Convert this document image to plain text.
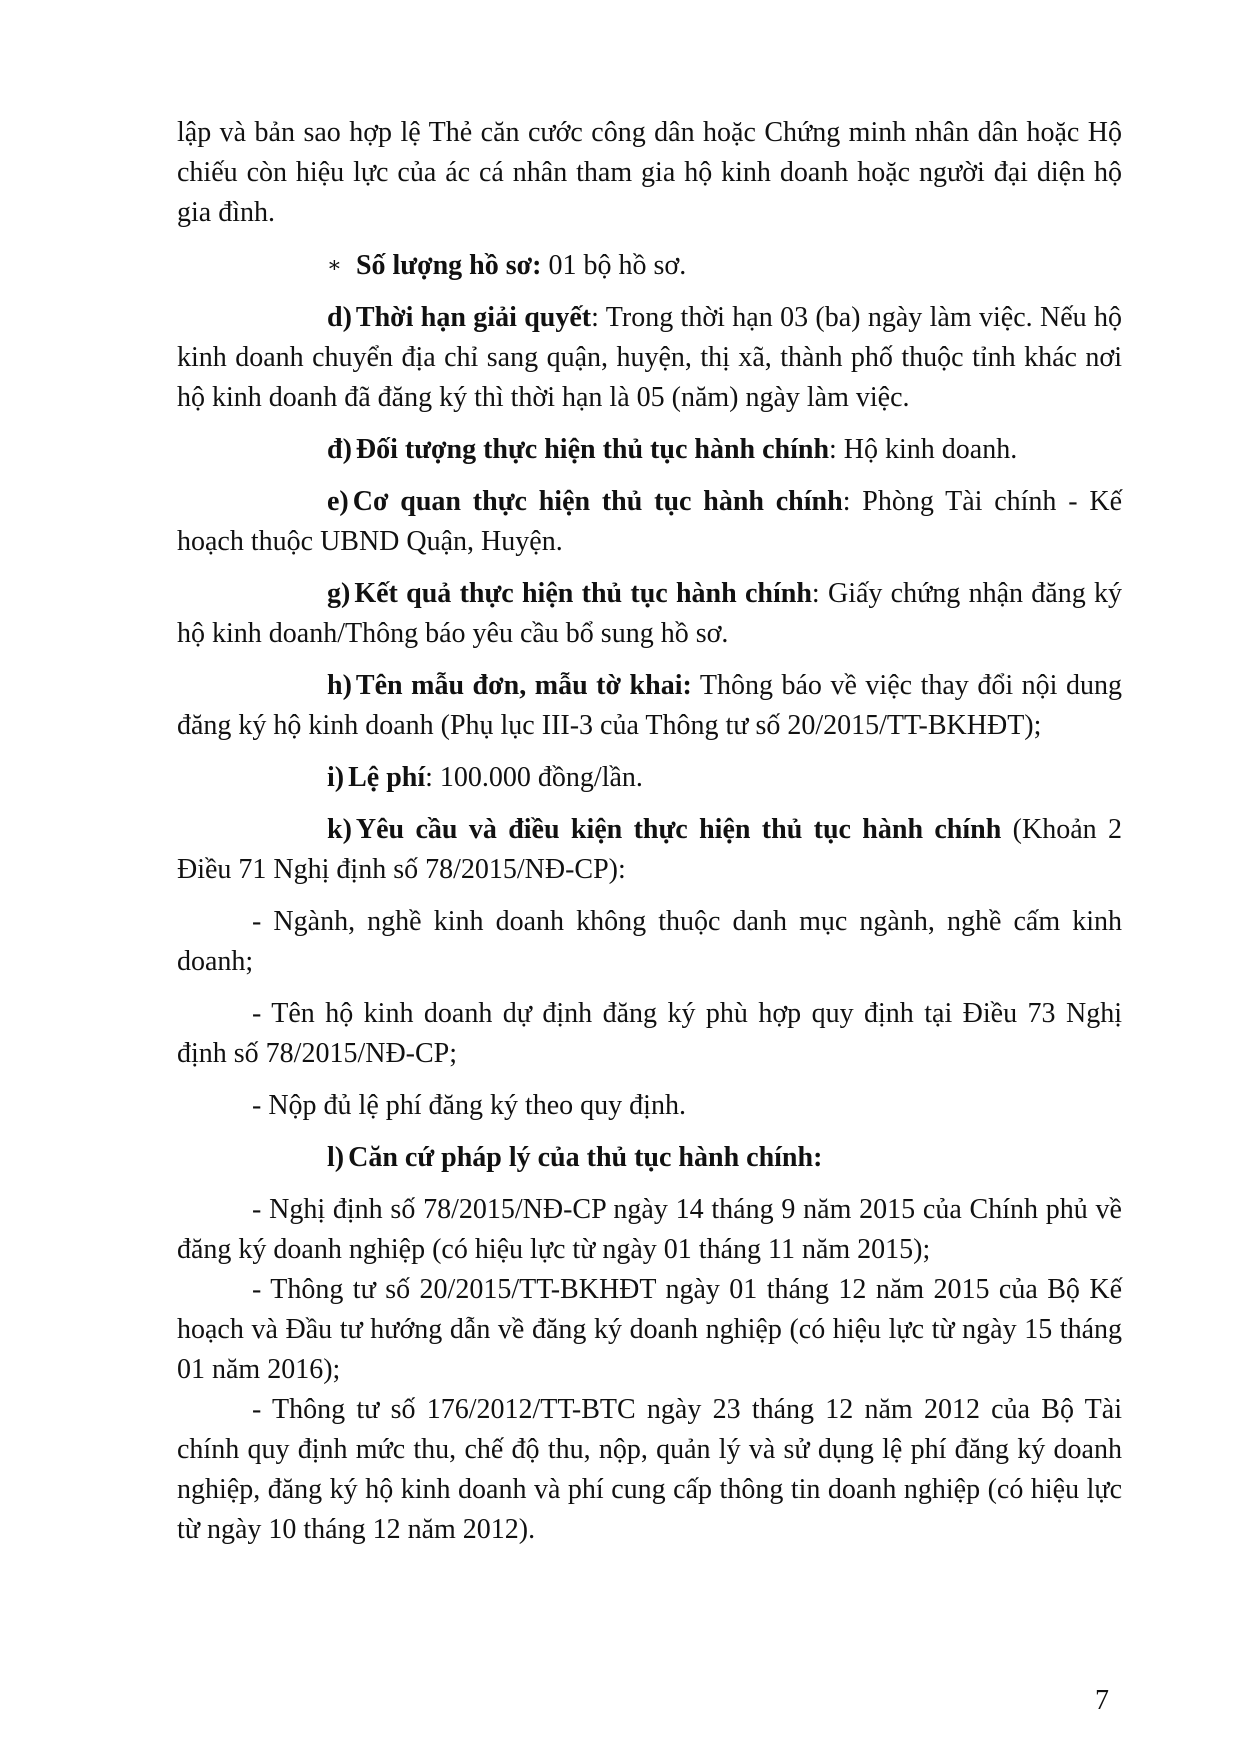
lập và bản sao hợp lệ Thẻ căn cước công dân hoặc Chứng minh nhân dân hoặc Hộ chiếu còn hiệu lực của ác cá nhân tham gia hộ kinh doanh hoặc người đại diện hộ gia đình.

∗ Số lượng hồ sơ: 01 bộ hồ sơ.

d) Thời hạn giải quyết: Trong thời hạn 03 (ba) ngày làm việc. Nếu hộ kinh doanh chuyển địa chỉ sang quận, huyện, thị xã, thành phố thuộc tỉnh khác nơi hộ kinh doanh đã đăng ký thì thời hạn là 05 (năm) ngày làm việc.

đ) Đối tượng thực hiện thủ tục hành chính: Hộ kinh doanh.

e) Cơ quan thực hiện thủ tục hành chính: Phòng Tài chính - Kế hoạch thuộc UBND Quận, Huyện.

g) Kết quả thực hiện thủ tục hành chính: Giấy chứng nhận đăng ký hộ kinh doanh/Thông báo yêu cầu bổ sung hồ sơ.

h) Tên mẫu đơn, mẫu tờ khai: Thông báo về việc thay đổi nội dung đăng ký hộ kinh doanh (Phụ lục III-3 của Thông tư số 20/2015/TT-BKHĐT);

i) Lệ phí: 100.000 đồng/lần.

k) Yêu cầu và điều kiện thực hiện thủ tục hành chính (Khoản 2 Điều 71 Nghị định số 78/2015/NĐ-CP):

- Ngành, nghề kinh doanh không thuộc danh mục ngành, nghề cấm kinh doanh;

- Tên hộ kinh doanh dự định đăng ký phù hợp quy định tại Điều 73 Nghị định số 78/2015/NĐ-CP;

- Nộp đủ lệ phí đăng ký theo quy định.

l) Căn cứ pháp lý của thủ tục hành chính:

- Nghị định số 78/2015/NĐ-CP ngày 14 tháng 9 năm 2015 của Chính phủ về đăng ký doanh nghiệp (có hiệu lực từ ngày 01 tháng 11 năm 2015);

- Thông tư số 20/2015/TT-BKHĐT ngày 01 tháng 12 năm 2015 của Bộ Kế hoạch và Đầu tư hướng dẫn về đăng ký doanh nghiệp (có hiệu lực từ ngày 15 tháng 01 năm 2016);

- Thông tư số 176/2012/TT-BTC ngày 23 tháng 12 năm 2012 của Bộ Tài chính quy định mức thu, chế độ thu, nộp, quản lý và sử dụng lệ phí đăng ký doanh nghiệp, đăng ký hộ kinh doanh và phí cung cấp thông tin doanh nghiệp (có hiệu lực từ ngày 10 tháng 12 năm 2012).

7
